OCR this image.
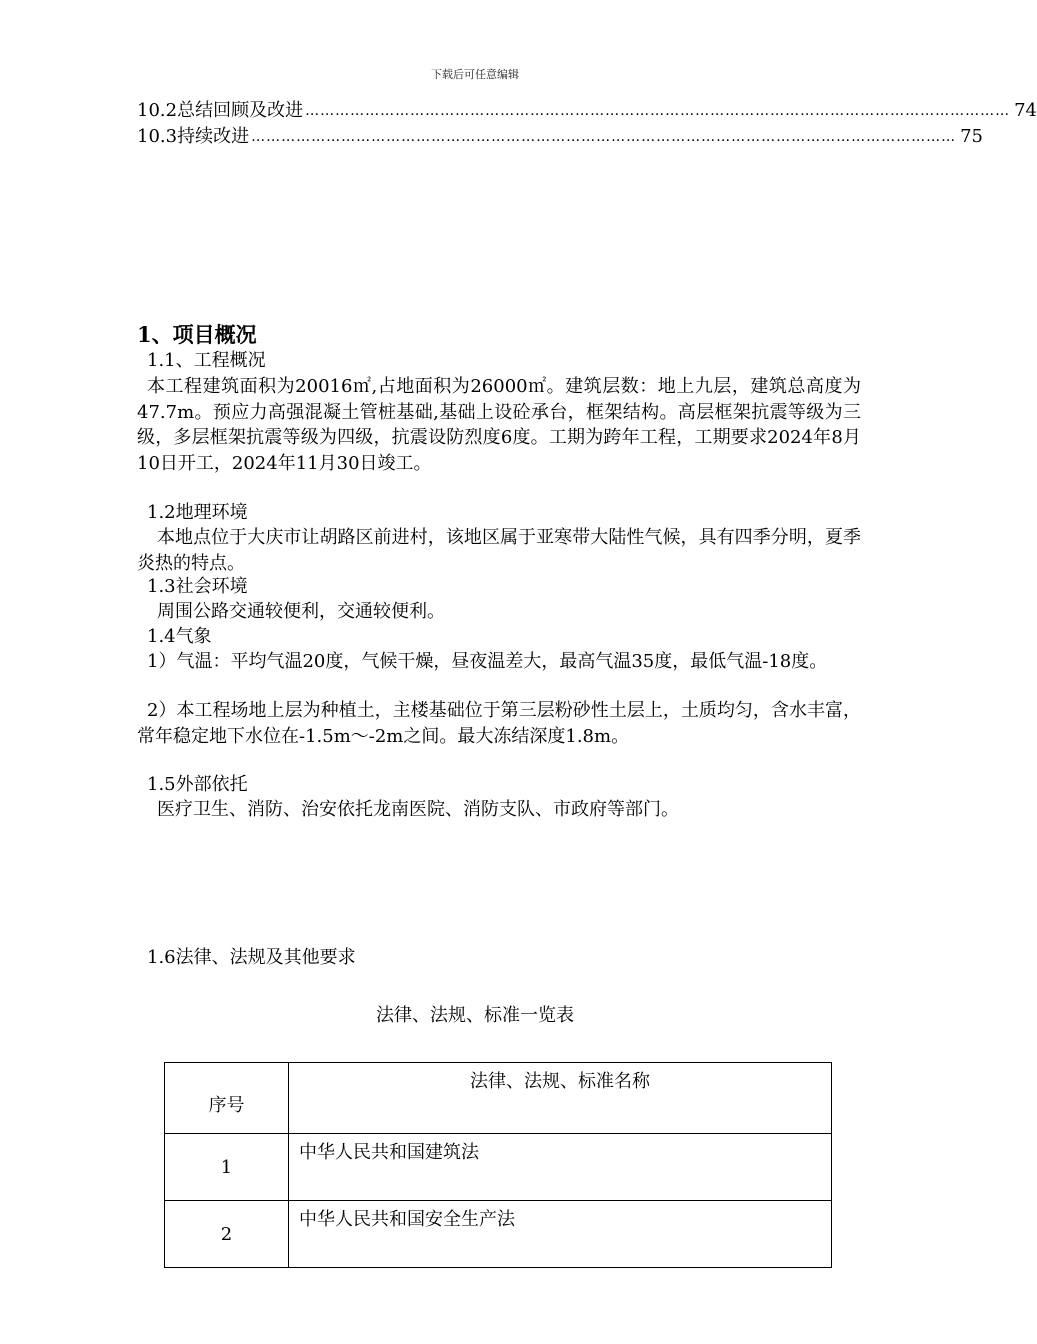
下载后可任意编辑
10.2总结回顾及改进 …………………………………………………………………………………………………………………………… 74
10.3持续改进 …………………………………………………………………………………………………………………………… 75
1、项目概况
1.1、工程概况
本工程建筑面积为20016㎡,占地面积为26000㎡。建筑层数：地上九层，建筑总高度为47.7m。预应力高强混凝土管桩基础,基础上设砼承台，框架结构。高层框架抗震等级为三级，多层框架抗震等级为四级，抗震设防烈度6度。工期为跨年工程，工期要求2024年8月10日开工，2024年11月30日竣工。
1.2地理环境
本地点位于大庆市让胡路区前进村，该地区属于亚寒带大陆性气候，具有四季分明，夏季炎热的特点。
1.3社会环境
周围公路交通较便利，交通较便利。
1.4气象
1）气温：平均气温20度，气候干燥，昼夜温差大，最高气温35度，最低气温-18度。
2）本工程场地上层为种植土，主楼基础位于第三层粉砂性土层上，土质均匀，含水丰富，常年稳定地下水位在-1.5m～-2m之间。最大冻结深度1.8m。
1.5外部依托
医疗卫生、消防、治安依托龙南医院、消防支队、市政府等部门。
1.6法律、法规及其他要求
法律、法规、标准一览表
序号	法律、法规、标准名称
1	中华人民共和国建筑法
2	中华人民共和国安全生产法
